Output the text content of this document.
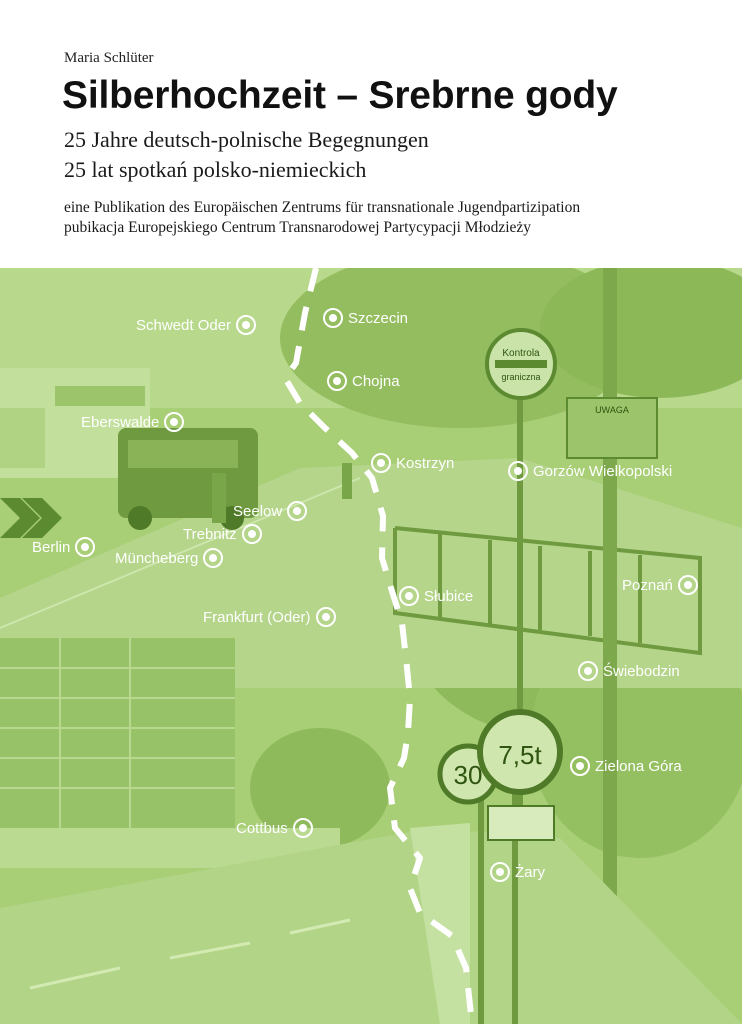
Maria Schlüter
Silberhochzeit – Srebrne gody
25 Jahre deutsch-polnische Begegnungen
25 lat spotkań polsko-niemieckich
eine Publikation des Europäischen Zentrums für transnationale Jugendpartizipation
pubikacja Europejskiego Centrum Transnarodowej Partycypacji Młodzieży
Kontrola
graniczna
UWAGA
30
7,5t
Schwedt Oder	Szczecin
Chojna
Eberswalde
Kostrzyn	Gorzów Wielkopolski
Seelow
Trebnitz
Berlin
Müncheberg
Słubice
Poznań
Frankfurt (Oder)
Świebodzin
Zielona Góra
Cottbus
Żary
